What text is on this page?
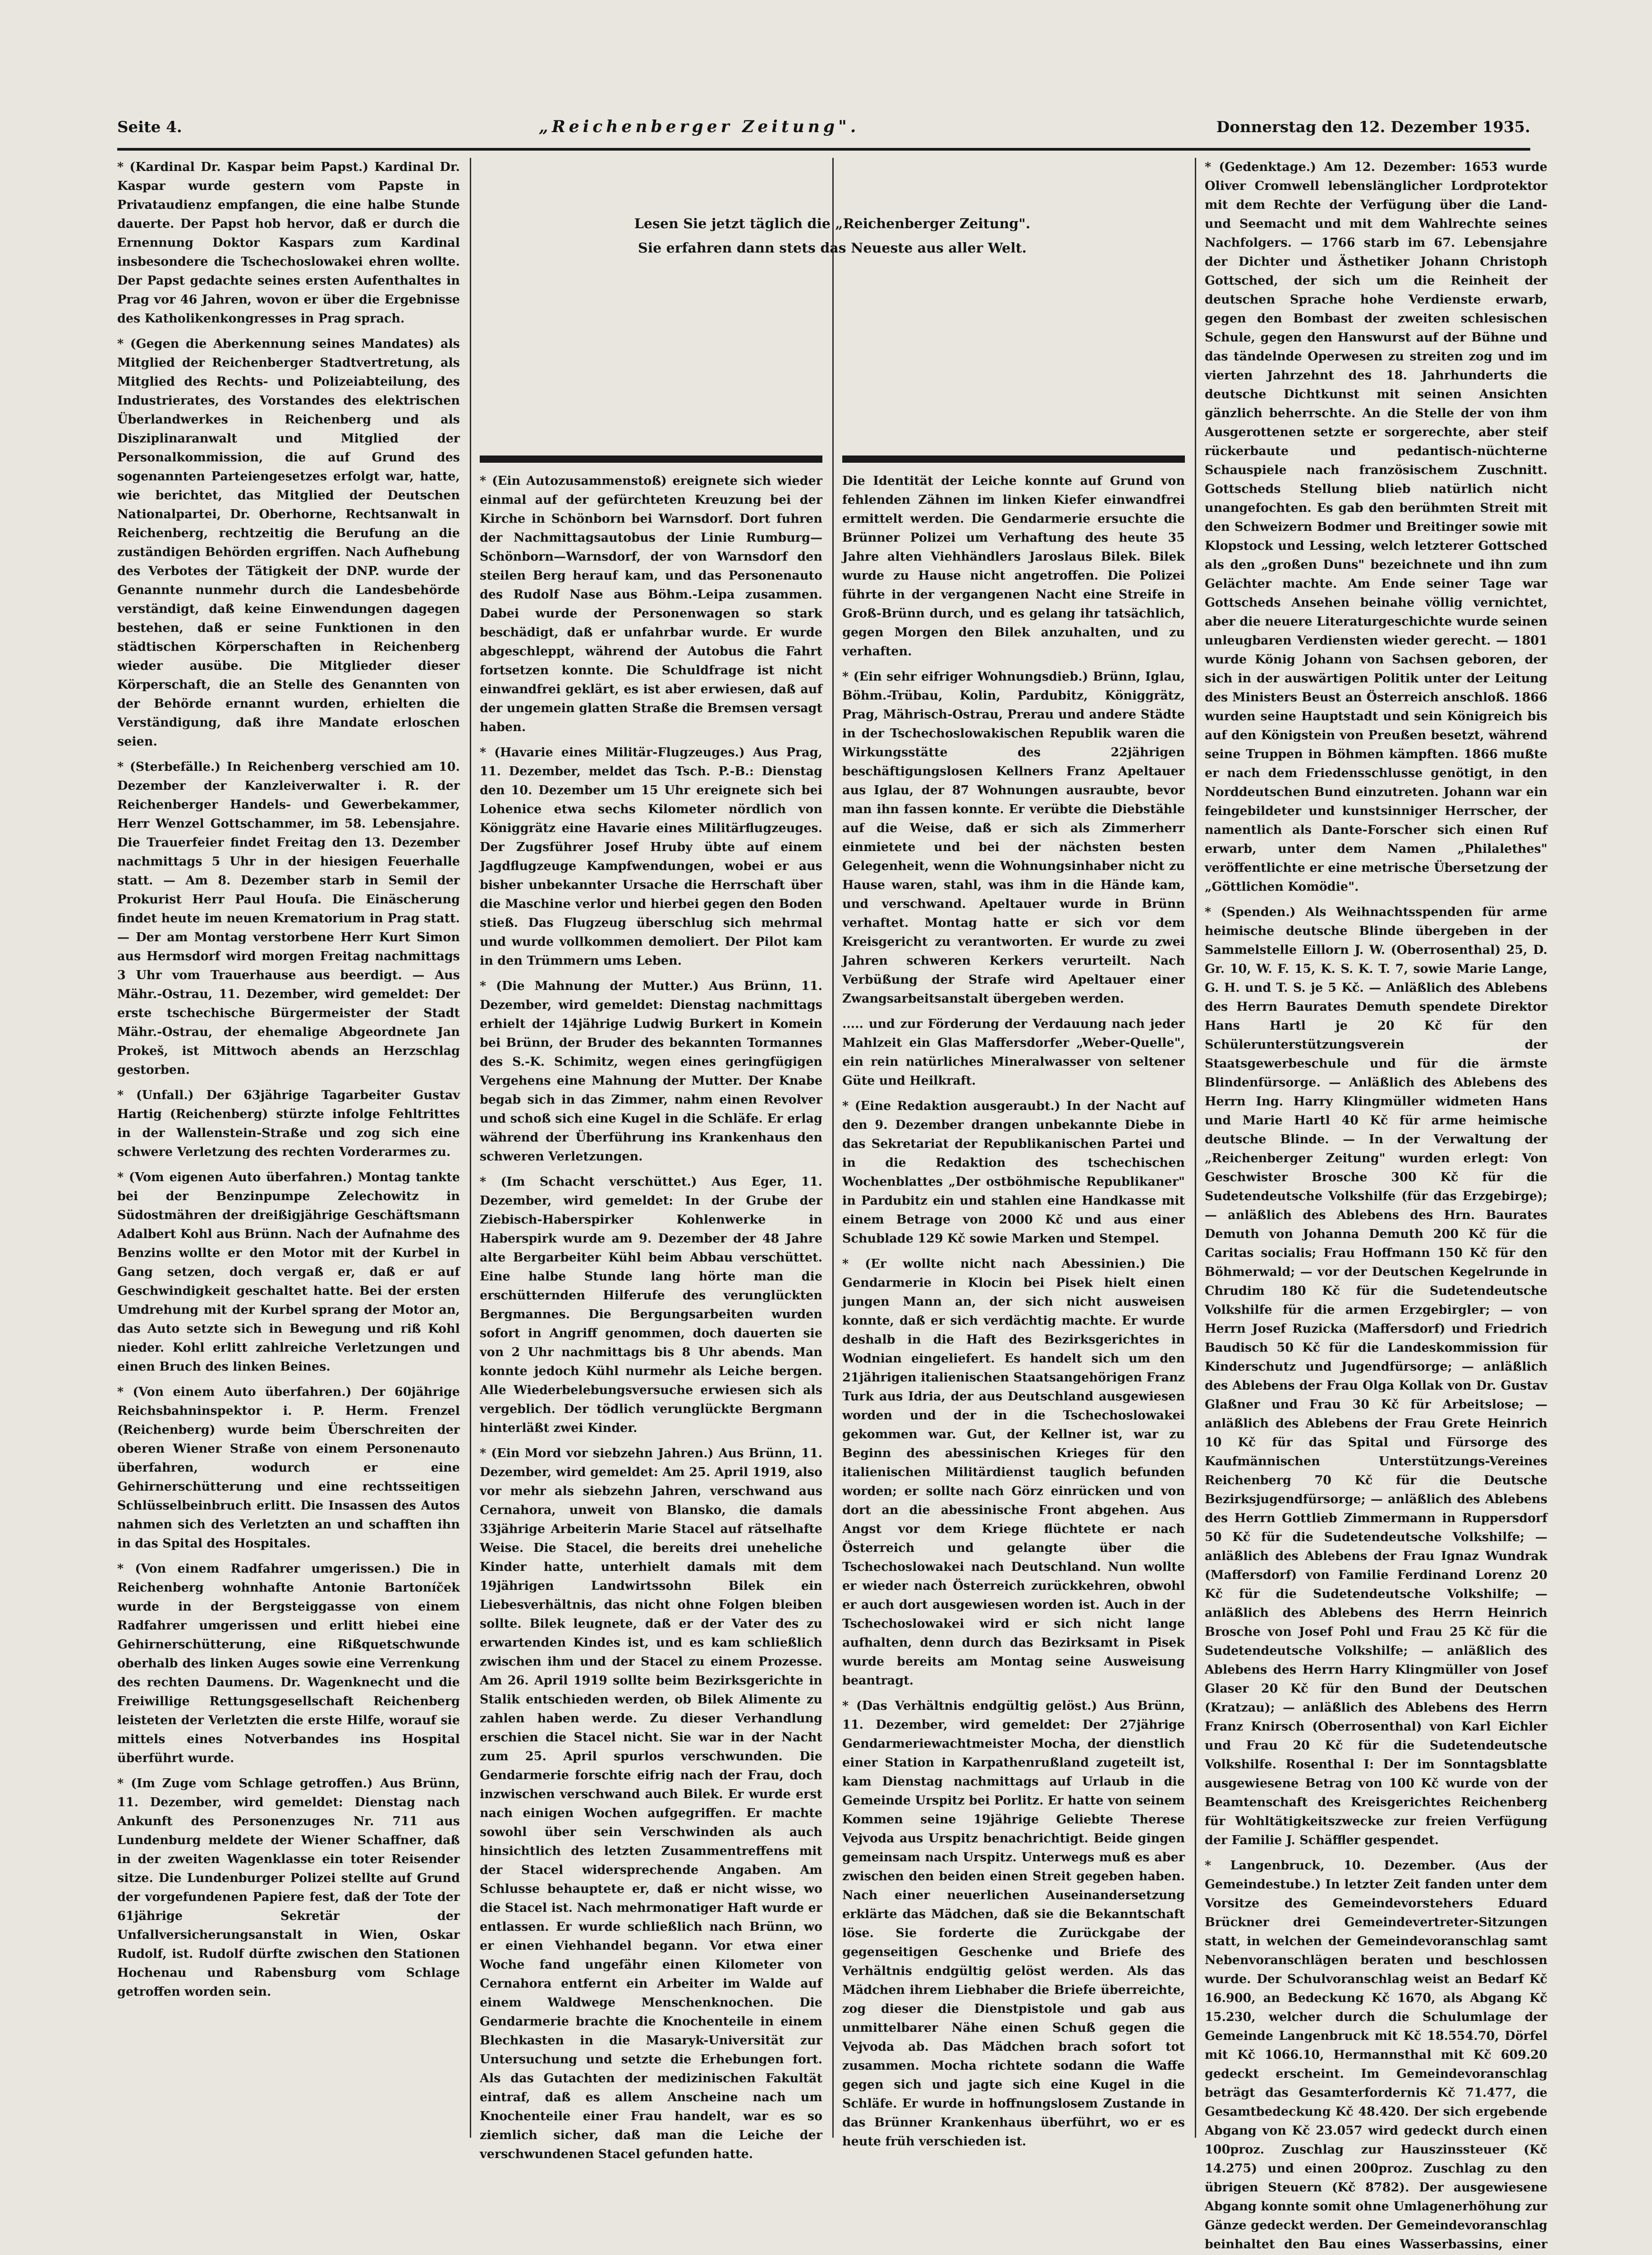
Seite 4.	„Reichenberger Zeitung".	Donnerstag den 12. Dezember 1935.

* (Kardinal Dr. Kaspar beim Papst.) Kardinal Dr. Kaspar wurde gestern vom Papste in Privataudienz empfangen, die eine halbe Stunde dauerte. Der Papst hob hervor, daß er durch die Ernennung Doktor Kaspars zum Kardinal insbesondere die Tschechoslowakei ehren wollte. Der Papst gedachte seines ersten Aufenthaltes in Prag vor 46 Jahren, wovon er über die Ergebnisse des Katholikenkongresses in Prag sprach.

* (Gegen die Aberkennung seines Mandates) als Mitglied der Reichenberger Stadtvertretung, als Mitglied des Rechts- und Polizeiabteilung, des Industrierates, des Vorstandes des elektrischen Überlandwerkes in Reichenberg und als Disziplinaranwalt und Mitglied der Personalkommission, die auf Grund des sogenannten Parteiengesetzes erfolgt war, hatte, wie berichtet, das Mitglied der Deutschen Nationalpartei, Dr. Oberhorne, Rechtsanwalt in Reichenberg, rechtzeitig die Berufung an die zuständigen Behörden ergriffen. Nach Aufhebung des Verbotes der Tätigkeit der DNP. wurde der Genannte nunmehr durch die Landesbehörde verständigt, daß keine Einwendungen dagegen bestehen, daß er seine Funktionen in den städtischen Körperschaften in Reichenberg wieder ausübe. Die Mitglieder dieser Körperschaft, die an Stelle des Genannten von der Behörde ernannt wurden, erhielten die Verständigung, daß ihre Mandate erloschen seien.

* (Sterbefälle.) In Reichenberg verschied am 10. Dezember der Kanzleiverwalter i. R. der Reichenberger Handels- und Gewerbekammer, Herr Wenzel Gottschammer, im 58. Lebensjahre. Die Trauerfeier findet Freitag den 13. Dezember nachmittags 5 Uhr in der hiesigen Feuerhalle statt. — Am 8. Dezember starb in Semil der Prokurist Herr Paul Houſa. Die Einäscherung findet heute im neuen Krematorium in Prag statt. — Der am Montag verstorbene Herr Kurt Simon aus Hermsdorf wird morgen Freitag nachmittags 3 Uhr vom Trauerhause aus beerdigt. — Aus Mähr.-Ostrau, 11. Dezember, wird gemeldet: Der erste tschechische Bürgermeister der Stadt Mähr.-Ostrau, der ehemalige Abgeordnete Jan Prokeš, ist Mittwoch abends an Herzschlag gestorben.

* (Unfall.) Der 63jährige Tagarbeiter Gustav Hartig (Reichenberg) stürzte infolge Fehltrittes in der Wallenstein-Straße und zog sich eine schwere Verletzung des rechten Vorderarmes zu.

* (Vom eigenen Auto überfahren.) Montag tankte bei der Benzinpumpe Zelechowitz in Südostmähren der dreißigjährige Geschäftsmann Adalbert Kohl aus Brünn. Nach der Aufnahme des Benzins wollte er den Motor mit der Kurbel in Gang setzen, doch vergaß er, daß er auf Geschwindigkeit geschaltet hatte. Bei der ersten Umdrehung mit der Kurbel sprang der Motor an, das Auto setzte sich in Bewegung und riß Kohl nieder. Kohl erlitt zahlreiche Verletzungen und einen Bruch des linken Beines.

* (Von einem Auto überfahren.) Der 60jährige Reichsbahninspektor i. P. Herm. Frenzel (Reichenberg) wurde beim Überschreiten der oberen Wiener Straße von einem Personenauto überfahren, wodurch er eine Gehirnerschütterung und eine rechtsseitigen Schlüsselbeinbruch erlitt. Die Insassen des Autos nahmen sich des Verletzten an und schafften ihn in das Spital des Hospitales.

* (Von einem Radfahrer umgerissen.) Die in Reichenberg wohnhafte Antonie Bartoníček wurde in der Bergsteiggasse von einem Radfahrer umgerissen und erlitt hiebei eine Gehirnerschütterung, eine Rißquetschwunde oberhalb des linken Auges sowie eine Verrenkung des rechten Daumens. Dr. Wagenknecht und die Freiwillige Rettungsgesellschaft Reichenberg leisteten der Verletzten die erste Hilfe, worauf sie mittels eines Notverbandes ins Hospital überführt wurde.

* (Im Zuge vom Schlage getroffen.) Aus Brünn, 11. Dezember, wird gemeldet: Dienstag nach Ankunft des Personenzuges Nr. 711 aus Lundenburg meldete der Wiener Schaffner, daß in der zweiten Wagenklasse ein toter Reisender sitze. Die Lundenburger Polizei stellte auf Grund der vorgefundenen Papiere fest, daß der Tote der 61jährige Sekretär der Unfallversicherungsanstalt in Wien, Oskar Rudolf, ist. Rudolf dürfte zwischen den Stationen Hochenau und Rabensburg vom Schlage getroffen worden sein.

Lesen Sie jetzt täglich die „Reichenberger Zeitung".
Sie erfahren dann stets das Neueste aus aller Welt.

* (Gedenktage.) Am 12. Dezember: 1653 wurde Oliver Cromwell lebenslänglicher Lordprotektor mit dem Rechte der Verfügung über die Land- und Seemacht und mit dem Wahlrechte seines Nachfolgers. — 1766 starb im 67. Lebensjahre der Dichter und Ästhetiker Johann Christoph Gottsched, der sich um die Reinheit der deutschen Sprache hohe Verdienste erwarb, gegen den Bombast der zweiten schlesischen Schule, gegen den Hanswurst auf der Bühne und das tändelnde Operwesen zu streiten zog und im vierten Jahrzehnt des 18. Jahrhunderts die deutsche Dichtkunst mit seinen Ansichten gänzlich beherrschte. An die Stelle der von ihm Ausgerottenen setzte er sorgerechte, aber steif rückerbaute und pedantisch-nüchterne Schauspiele nach französischem Zuschnitt. Gottscheds Stellung blieb natürlich nicht unangefochten. Es gab den berühmten Streit mit den Schweizern Bodmer und Breitinger sowie mit Klopstock und Lessing, welch letzterer Gottsched als den „großen Duns" bezeichnete und ihn zum Gelächter machte. Am Ende seiner Tage war Gottscheds Ansehen beinahe völlig vernichtet, aber die neuere Literaturgeschichte wurde seinen unleugbaren Verdiensten wieder gerecht. — 1801 wurde König Johann von Sachsen geboren, der sich in der auswärtigen Politik unter der Leitung des Ministers Beust an Österreich anschloß. 1866 wurden seine Hauptstadt und sein Königreich bis auf den Königstein von Preußen besetzt, während seine Truppen in Böhmen kämpften. 1866 mußte er nach dem Friedensschlusse genötigt, in den Norddeutschen Bund einzutreten. Johann war ein feingebildeter und kunstsinniger Herrscher, der namentlich als Dante-Forscher sich einen Ruf erwarb, unter dem Namen „Philalethes" veröffentlichte er eine metrische Übersetzung der „Göttlichen Komödie".

* (Spenden.) Als Weihnachtsspenden für arme heimische deutsche Blinde übergeben in der Sammelstelle Eillorn J. W. (Oberrosenthal) 25, D. Gr. 10, W. F. 15, K. S. K. T. 7, sowie Marie Lange, G. H. und T. S. je 5 Kč. — Anläßlich des Ablebens des Herrn Baurates Demuth spendete Direktor Hans Hartl je 20 Kč für den Schülerunterstützungsverein der Staatsgewerbeschule und für die ärmste Blindenfürsorge. — Anläßlich des Ablebens des Herrn Ing. Harry Klingmüller widmeten Hans und Marie Hartl 40 Kč für arme heimische deutsche Blinde. — In der Verwaltung der „Reichenberger Zeitung" wurden erlegt: Von Geschwister Brosche 300 Kč für die Sudetendeutsche Volkshilfe (für das Erzgebirge); — anläßlich des Ablebens des Hrn. Baurates Demuth von Johanna Demuth 200 Kč für die Caritas socialis; Frau Hoffmann 150 Kč für den Böhmerwald; — vor der Deutschen Kegelrunde in Chrudim 180 Kč für die Sudetendeutsche Volkshilfe für die armen Erzgebirgler; — von Herrn Josef Ruzicka (Maffersdorf) und Friedrich Baudisch 50 Kč für die Landeskommission für Kinderschutz und Jugendfürsorge; — anläßlich des Ablebens der Frau Olga Kollak von Dr. Gustav Glaßner und Frau 30 Kč für Arbeitslose; — anläßlich des Ablebens der Frau Grete Heinrich 10 Kč für das Spital und Fürsorge des Kaufmännischen Unterstützungs-Vereines Reichenberg 70 Kč für die Deutsche Bezirksjugendfürsorge; — anläßlich des Ablebens des Herrn Gottlieb Zimmermann in Ruppersdorf 50 Kč für die Sudetendeutsche Volkshilfe; — anläßlich des Ablebens der Frau Ignaz Wundrak (Maffersdorf) von Familie Ferdinand Lorenz 20 Kč für die Sudetendeutsche Volkshilfe; — anläßlich des Ablebens des Herrn Heinrich Brosche von Josef Pohl und Frau 25 Kč für die Sudetendeutsche Volkshilfe; — anläßlich des Ablebens des Herrn Harry Klingmüller von Josef Glaser 20 Kč für den Bund der Deutschen (Kratzau); — anläßlich des Ablebens des Herrn Franz Knirsch (Oberrosenthal) von Karl Eichler und Frau 20 Kč für die Sudetendeutsche Volkshilfe. Rosenthal I: Der im Sonntagsblatte ausgewiesene Betrag von 100 Kč wurde von der Beamtenschaft des Kreisgerichtes Reichenberg für Wohltätigkeitszwecke zur freien Verfügung der Familie J. Schäffler gespendet.

* Langenbruck, 10. Dezember. (Aus der Gemeindestube.) In letzter Zeit fanden unter dem Vorsitze des Gemeindevorstehers Eduard Brückner drei Gemeindevertreter-Sitzungen statt, in welchen der Gemeindevoranschlag samt Nebenvoranschlägen beraten und beschlossen wurde. Der Schulvoranschlag weist an Bedarf Kč 16.900, an Bedeckung Kč 1670, als Abgang Kč 15.230, welcher durch die Schulumlage der Gemeinde Langenbruck mit Kč 18.554.70, Dörfel mit Kč 1066.10, Hermannsthal mit Kč 609.20 gedeckt erscheint. Im Gemeindevoranschlag beträgt das Gesamterfordernis Kč 71.477, die Gesamtbedeckung Kč 48.420. Der sich ergebende Abgang von Kč 23.057 wird gedeckt durch einen 100proz. Zuschlag zur Hauszinssteuer (Kč 14.275) und einen 200proz. Zuschlag zu den übrigen Steuern (Kč 8782). Der ausgewiesene Abgang konnte somit ohne Umlagenerhöhung zur Gänze gedeckt werden. Der Gemeindevoranschlag beinhaltet den Bau eines Wasserbassins, einer

* (Ein Autozusammenstoß) ereignete sich wieder einmal auf der gefürchteten Kreuzung bei der Kirche in Schönborn bei Warnsdorf. Dort fuhren der Nachmittagsautobus der Linie Rumburg—Schönborn—Warnsdorf, der von Warnsdorf den steilen Berg herauf kam, und das Personenauto des Rudolf Nase aus Böhm.-Leipa zusammen. Dabei wurde der Personenwagen so stark beschädigt, daß er unfahrbar wurde. Er wurde abgeschleppt, während der Autobus die Fahrt fortsetzen konnte. Die Schuldfrage ist nicht einwandfrei geklärt, es ist aber erwiesen, daß auf der ungemein glatten Straße die Bremsen versagt haben.

* (Havarie eines Militär-Flugzeuges.) Aus Prag, 11. Dezember, meldet das Tsch. P.-B.: Dienstag den 10. Dezember um 15 Uhr ereignete sich bei Lohenice etwa sechs Kilometer nördlich von Königgrätz eine Havarie eines Militärflugzeuges. Der Zugsführer Josef Hruby übte auf einem Jagdflugzeuge Kampfwendungen, wobei er aus bisher unbekannter Ursache die Herrschaft über die Maschine verlor und hierbei gegen den Boden stieß. Das Flugzeug überschlug sich mehrmal und wurde vollkommen demoliert. Der Pilot kam in den Trümmern ums Leben.

* (Die Mahnung der Mutter.) Aus Brünn, 11. Dezember, wird gemeldet: Dienstag nachmittags erhielt der 14jährige Ludwig Burkert in Komein bei Brünn, der Bruder des bekannten Tormannes des S.-K. Schimitz, wegen eines geringfügigen Vergehens eine Mahnung der Mutter. Der Knabe begab sich in das Zimmer, nahm einen Revolver und schoß sich eine Kugel in die Schläfe. Er erlag während der Überführung ins Krankenhaus den schweren Verletzungen.

* (Im Schacht verschüttet.) Aus Eger, 11. Dezember, wird gemeldet: In der Grube der Ziebisch-Haberspirker Kohlenwerke in Haberspirk wurde am 9. Dezember der 48 Jahre alte Bergarbeiter Kühl beim Abbau verschüttet. Eine halbe Stunde lang hörte man die erschütternden Hilferufe des verunglückten Bergmannes. Die Bergungsarbeiten wurden sofort in Angriff genommen, doch dauerten sie von 2 Uhr nachmittags bis 8 Uhr abends. Man konnte jedoch Kühl nurmehr als Leiche bergen. Alle Wiederbelebungsversuche erwiesen sich als vergeblich. Der tödlich verunglückte Bergmann hinterläßt zwei Kinder.

* (Ein Mord vor siebzehn Jahren.) Aus Brünn, 11. Dezember, wird gemeldet: Am 25. April 1919, also vor mehr als siebzehn Jahren, verschwand aus Cernahora, unweit von Blansko, die damals 33jährige Arbeiterin Marie Stacel auf rätselhafte Weise. Die Stacel, die bereits drei uneheliche Kinder hatte, unterhielt damals mit dem 19jährigen Landwirtssohn Bilek ein Liebesverhältnis, das nicht ohne Folgen bleiben sollte. Bilek leugnete, daß er der Vater des zu erwartenden Kindes ist, und es kam schließlich zwischen ihm und der Stacel zu einem Prozesse. Am 26. April 1919 sollte beim Bezirksgerichte in Stalik entschieden werden, ob Bilek Alimente zu zahlen haben werde. Zu dieser Verhandlung erschien die Stacel nicht. Sie war in der Nacht zum 25. April spurlos verschwunden. Die Gendarmerie forschte eifrig nach der Frau, doch inzwischen verschwand auch Bilek. Er wurde erst nach einigen Wochen aufgegriffen. Er machte sowohl über sein Verschwinden als auch hinsichtlich des letzten Zusammentreffens mit der Stacel widersprechende Angaben. Am Schlusse behauptete er, daß er nicht wisse, wo die Stacel ist. Nach mehrmonatiger Haft wurde er entlassen. Er wurde schließlich nach Brünn, wo er einen Viehhandel begann. Vor etwa einer Woche fand ungefähr einen Kilometer von Cernahora entfernt ein Arbeiter im Walde auf einem Waldwege Menschenknochen. Die Gendarmerie brachte die Knochenteile in einem Blechkasten in die Masaryk-Universität zur Untersuchung und setzte die Erhebungen fort. Als das Gutachten der medizinischen Fakultät eintraf, daß es allem Anscheine nach um Knochenteile einer Frau handelt, war es so ziemlich sicher, daß man die Leiche der verschwundenen Stacel gefunden hatte.

Die Identität der Leiche konnte auf Grund von fehlenden Zähnen im linken Kiefer einwandfrei ermittelt werden. Die Gendarmerie ersuchte die Brünner Polizei um Verhaftung des heute 35 Jahre alten Viehhändlers Jaroslaus Bilek. Bilek wurde zu Hause nicht angetroffen. Die Polizei führte in der vergangenen Nacht eine Streife in Groß-Brünn durch, und es gelang ihr tatsächlich, gegen Morgen den Bilek anzuhalten, und zu verhaften.

* (Ein sehr eifriger Wohnungsdieb.) Brünn, Iglau, Böhm.-Trübau, Kolin, Pardubitz, Königgrätz, Prag, Mährisch-Ostrau, Prerau und andere Städte in der Tschechoslowakischen Republik waren die Wirkungsstätte des 22jährigen beschäftigungslosen Kellners Franz Apeltauer aus Iglau, der 87 Wohnungen ausraubte, bevor man ihn fassen konnte. Er verübte die Diebstähle auf die Weise, daß er sich als Zimmerherr einmietete und bei der nächsten besten Gelegenheit, wenn die Wohnungsinhaber nicht zu Hause waren, stahl, was ihm in die Hände kam, und verschwand. Apeltauer wurde in Brünn verhaftet. Montag hatte er sich vor dem Kreisgericht zu verantworten. Er wurde zu zwei Jahren schweren Kerkers verurteilt. Nach Verbüßung der Strafe wird Apeltauer einer Zwangsarbeitsanstalt übergeben werden.

..... und zur Förderung der Verdauung nach jeder Mahlzeit ein Glas Maffersdorfer „Weber-Quelle", ein rein natürliches Mineralwasser von seltener Güte und Heilkraft.

* (Eine Redaktion ausgeraubt.) In der Nacht auf den 9. Dezember drangen unbekannte Diebe in das Sekretariat der Republikanischen Partei und in die Redaktion des tschechischen Wochenblattes „Der ostböhmische Republikaner" in Pardubitz ein und stahlen eine Handkasse mit einem Betrage von 2000 Kč und aus einer Schublade 129 Kč sowie Marken und Stempel.

* (Er wollte nicht nach Abessinien.) Die Gendarmerie in Klocin bei Pisek hielt einen jungen Mann an, der sich nicht ausweisen konnte, daß er sich verdächtig machte. Er wurde deshalb in die Haft des Bezirksgerichtes in Wodnian eingeliefert. Es handelt sich um den 21jährigen italienischen Staatsangehörigen Franz Turk aus Idria, der aus Deutschland ausgewiesen worden und der in die Tschechoslowakei gekommen war. Gut, der Kellner ist, war zu Beginn des abessinischen Krieges für den italienischen Militärdienst tauglich befunden worden; er sollte nach Görz einrücken und von dort an die abessinische Front abgehen. Aus Angst vor dem Kriege flüchtete er nach Österreich und gelangte über die Tschechoslowakei nach Deutschland. Nun wollte er wieder nach Österreich zurückkehren, obwohl er auch dort ausgewiesen worden ist. Auch in der Tschechoslowakei wird er sich nicht lange aufhalten, denn durch das Bezirksamt in Pisek wurde bereits am Montag seine Ausweisung beantragt.

* (Das Verhältnis endgültig gelöst.) Aus Brünn, 11. Dezember, wird gemeldet: Der 27jährige Gendarmeriewachtmeister Mocha, der dienstlich einer Station in Karpathenrußland zugeteilt ist, kam Dienstag nachmittags auf Urlaub in die Gemeinde Urspitz bei Porlitz. Er hatte von seinem Kommen seine 19jährige Geliebte Therese Vejvoda aus Urspitz benachrichtigt. Beide gingen gemeinsam nach Urspitz. Unterwegs muß es aber zwischen den beiden einen Streit gegeben haben. Nach einer neuerlichen Auseinandersetzung erklärte das Mädchen, daß sie die Bekanntschaft löse. Sie forderte die Zurückgabe der gegenseitigen Geschenke und Briefe des Verhältnis endgültig gelöst werden. Als das Mädchen ihrem Liebhaber die Briefe überreichte, zog dieser die Dienstpistole und gab aus unmittelbarer Nähe einen Schuß gegen die Vejvoda ab. Das Mädchen brach sofort tot zusammen. Mocha richtete sodann die Waffe gegen sich und jagte sich eine Kugel in die Schläfe. Er wurde in hoffnungslosem Zustande in das Brünner Krankenhaus überführt, wo er es heute früh verschieden ist.
